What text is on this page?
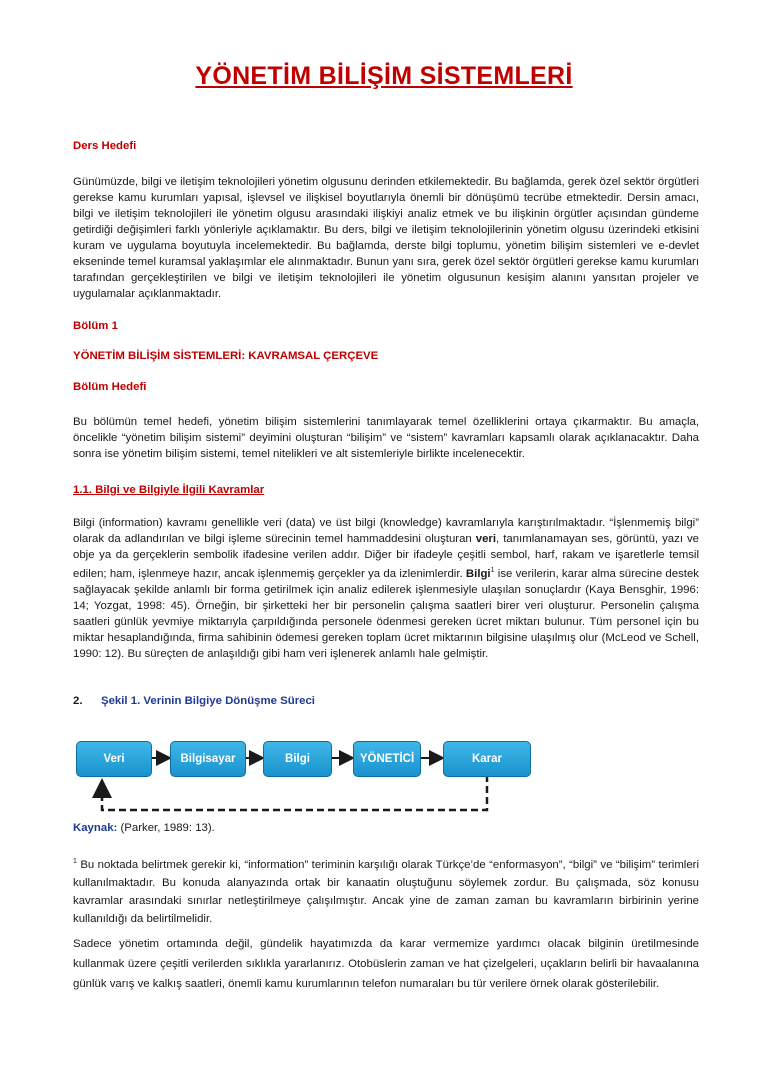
YÖNETİM BİLİŞİM SİSTEMLERİ
Ders Hedefi
Günümüzde, bilgi ve iletişim teknolojileri yönetim olgusunu derinden etkilemektedir. Bu bağlamda, gerek özel sektör örgütleri gerekse kamu kurumları yapısal, işlevsel ve ilişkisel boyutlarıyla önemli bir dönüşümü tecrübe etmektedir. Dersin amacı, bilgi ve iletişim teknolojileri ile yönetim olgusu arasındaki ilişkiyi analiz etmek ve bu ilişkinin örgütler açısından gündeme getirdiği değişimleri farklı yönleriyle açıklamaktır. Bu ders, bilgi ve iletişim teknolojilerinin yönetim olgusu üzerindeki etkisini kuram ve uygulama boyutuyla incelemektedir. Bu bağlamda, derste bilgi toplumu, yönetim bilişim sistemleri ve e-devlet ekseninde temel kuramsal yaklaşımlar ele alınmaktadır. Bunun yanı sıra, gerek özel sektör örgütleri gerekse kamu kurumları tarafından gerçekleştirilen ve bilgi ve iletişim teknolojileri ile yönetim olgusunun kesişim alanını yansıtan projeler ve uygulamalar açıklanmaktadır.
Bölüm 1
YÖNETİM BİLİŞİM SİSTEMLERİ: KAVRAMSAL ÇERÇEVE
Bölüm Hedefi
Bu bölümün temel hedefi, yönetim bilişim sistemlerini tanımlayarak temel özelliklerini ortaya çıkarmaktır. Bu amaçla, öncelikle “yönetim bilişim sistemi” deyimini oluşturan “bilişim” ve “sistem” kavramları kapsamlı olarak açıklanacaktır. Daha sonra ise yönetim bilişim sistemi, temel nitelikleri ve alt sistemleriyle birlikte incelenecektir.
1.1. Bilgi ve Bilgiyle İlgili Kavramlar
Bilgi (information) kavramı genellikle veri (data) ve üst bilgi (knowledge) kavramlarıyla karıştırılmaktadır. “İşlenmemiş bilgi” olarak da adlandırılan ve bilgi işleme sürecinin temel hammaddesini oluşturan veri, tanımlanamayan ses, görüntü, yazı ve obje ya da gerçeklerin sembolik ifadesine verilen addır. Diğer bir ifadeyle çeşitli sembol, harf, rakam ve işaretlerle temsil edilen; ham, işlenmeye hazır, ancak işlenmemiş gerçekler ya da izlenimlerdir. Bilgi$^1$ ise verilerin, karar alma sürecine destek sağlayacak şekilde anlamlı bir forma getirilmek için analiz edilerek işlenmesiyle ulaşılan sonuçlardır (Kaya Bensghir, 1996: 14; Yozgat, 1998: 45). Örneğin, bir şirketteki her bir personelin çalışma saatleri birer veri oluşturur. Personelin çalışma saatleri günlük yevmiye miktarıyla çarpıldığında personele ödenmesi gereken ücret miktarı bulunur. Tüm personel için bu miktar hesaplandığında, firma sahibinin ödemesi gereken toplam ücret miktarının bilgisine ulaşılmış olur (McLeod ve Schell, 1990: 12). Bu süreçten de anlaşıldığı gibi ham veri işlenerek anlamlı hale gelmiştir.
2. Şekil 1. Verinin Bilgiye Dönüşme Süreci
Veri	Bilgisayar	Bilgi	YÖNETİCİ	Karar
Kaynak: (Parker, 1989: 13).
$^1$ Bu noktada belirtmek gerekir ki, “information” teriminin karşılığı olarak Türkçe’de “enformasyon”, “bilgi” ve “bilişim” terimleri kullanılmaktadır. Bu konuda alanyazında ortak bir kanaatin oluştuğunu söylemek zordur. Bu çalışmada, söz konusu kavramlar arasındaki sınırlar netleştirilmeye çalışılmıştır. Ancak yine de zaman zaman bu kavramların birbirinin yerine kullanıldığı da belirtilmelidir.
Sadece yönetim ortamında değil, gündelik hayatımızda da karar vermemize yardımcı olacak bilginin üretilmesinde kullanmak üzere çeşitli verilerden sıklıkla yararlanırız. Otobüslerin zaman ve hat çizelgeleri, uçakların belirli bir havaalanına günlük varış ve kalkış saatleri, önemli kamu kurumlarının telefon numaraları bu tür verilere örnek olarak gösterilebilir.
